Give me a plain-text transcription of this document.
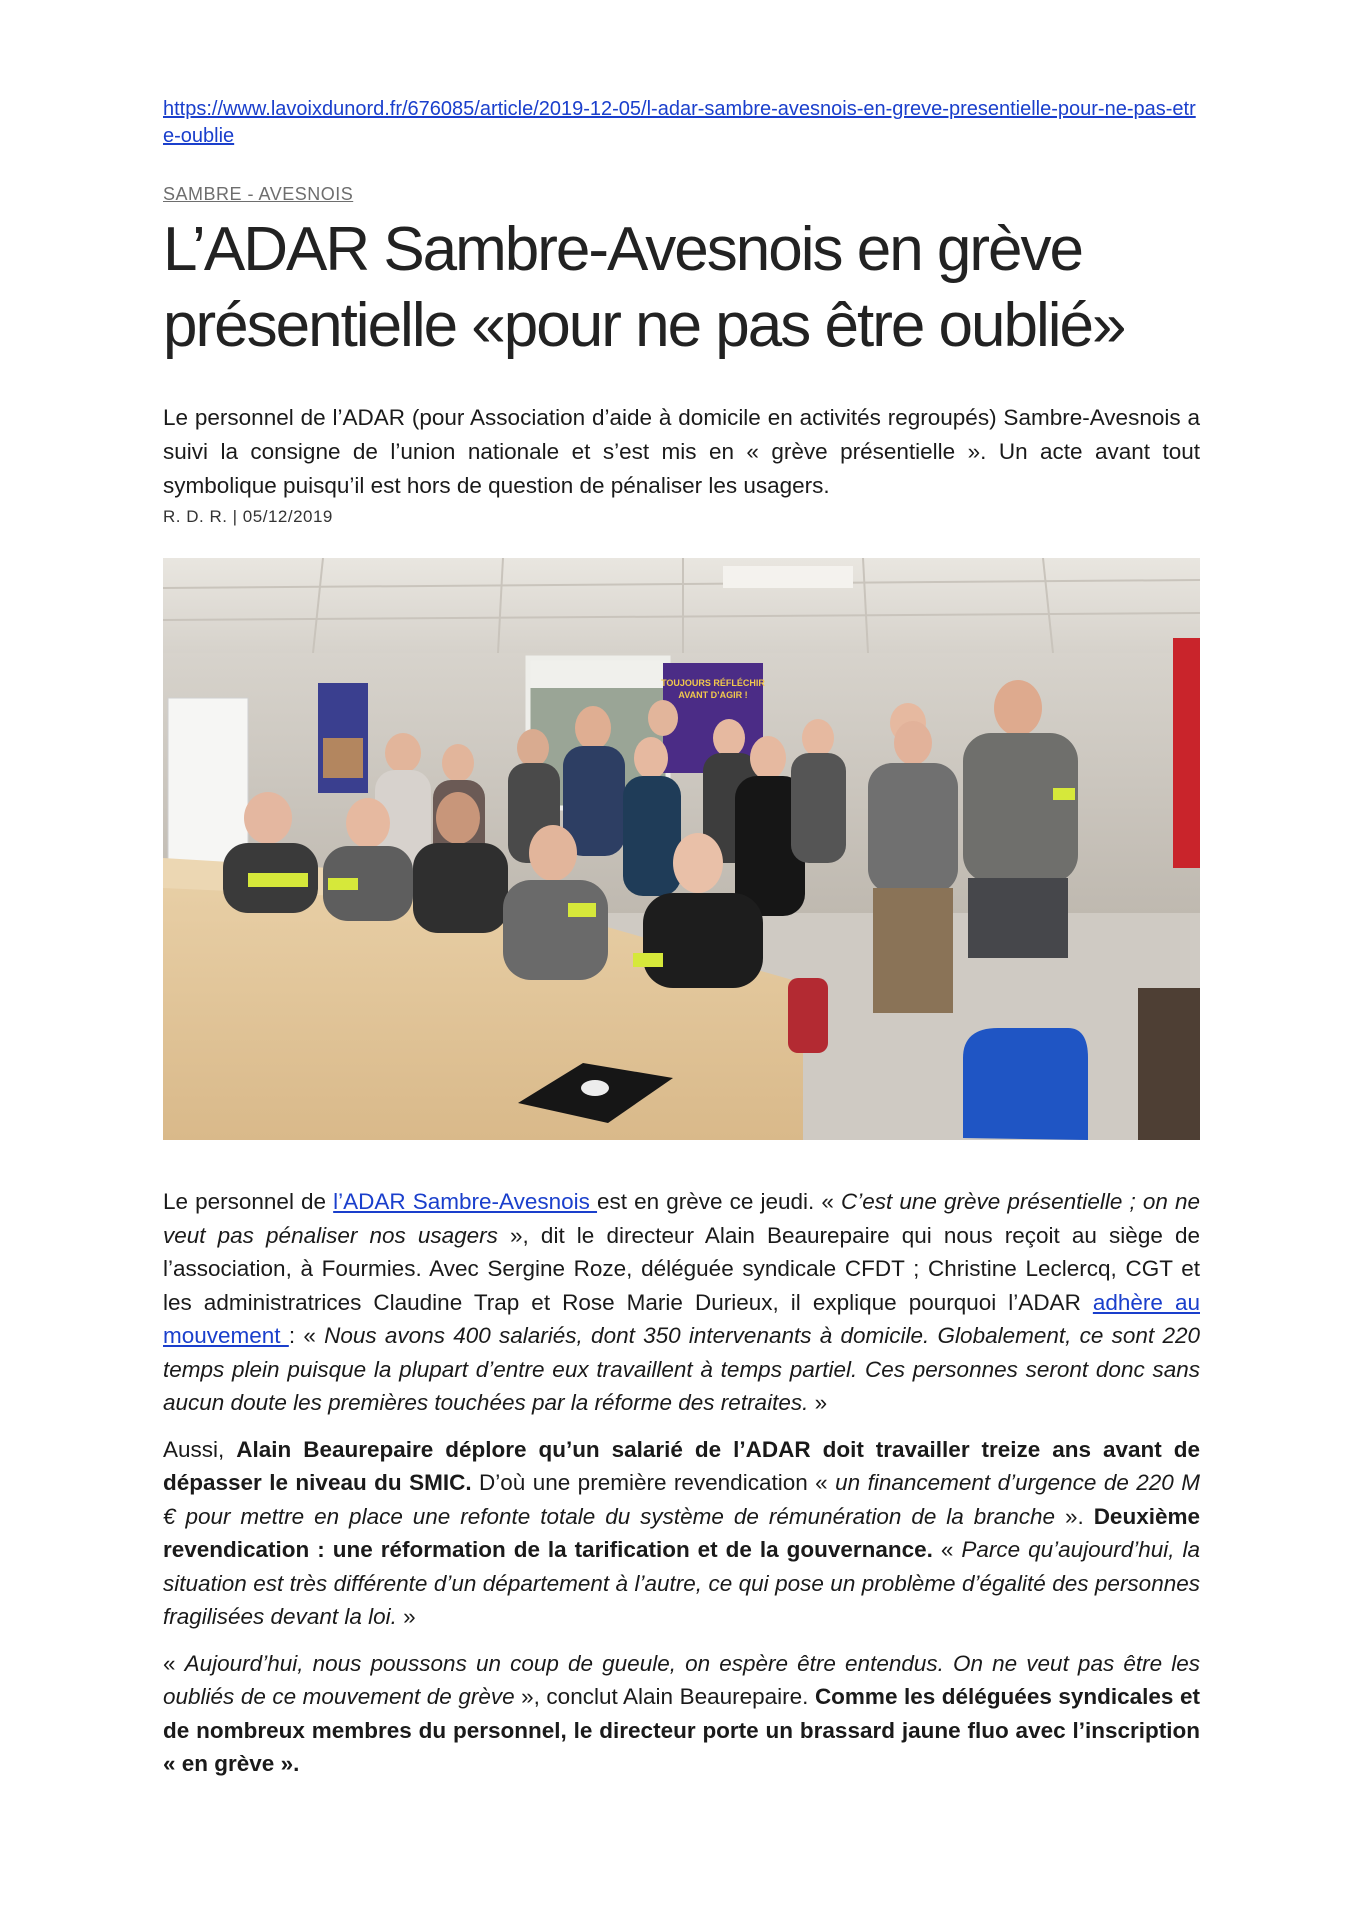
https://www.lavoixdunord.fr/676085/article/2019-12-05/l-adar-sambre-avesnois-en-greve-presentielle-pour-ne-pas-etre-oublie
SAMBRE - AVESNOIS
L’ADAR Sambre-Avesnois en grève présentielle «pour ne pas être oublié»

Le personnel de l’ADAR (pour Association d’aide à domicile en activités regroupés) Sambre-Avesnois a suivi la consigne de l’union nationale et s’est mis en « grève présentielle ». Un acte avant tout symbolique puisqu’il est hors de question de pénaliser les usagers.

R. D. R. | 05/12/2019
TOUJOURS RÉFLÉCHIR
AVANT D’AGIR !

Le personnel de l’ADAR Sambre-Avesnois est en grève ce jeudi. « C’est une grève présentielle ; on ne veut pas pénaliser nos usagers », dit le directeur Alain Beaurepaire qui nous reçoit au siège de l’association, à Fourmies. Avec Sergine Roze, déléguée syndicale CFDT ; Christine Leclercq, CGT et les administratrices Claudine Trap et Rose Marie Durieux, il explique pourquoi l’ADAR adhère au mouvement : « Nous avons 400 salariés, dont 350 intervenants à domicile. Globalement, ce sont 220 temps plein puisque la plupart d’entre eux travaillent à temps partiel. Ces personnes seront donc sans aucun doute les premières touchées par la réforme des retraites. »

Aussi, Alain Beaurepaire déplore qu’un salarié de l’ADAR doit travailler treize ans avant de dépasser le niveau du SMIC. D’où une première revendication « un financement d’urgence de 220 M € pour mettre en place une refonte totale du système de rémunération de la branche ». Deuxième revendication : une réformation de la tarification et de la gouvernance. « Parce qu’aujourd’hui, la situation est très différente d’un département à l’autre, ce qui pose un problème d’égalité des personnes fragilisées devant la loi. »

« Aujourd’hui, nous poussons un coup de gueule, on espère être entendus. On ne veut pas être les oubliés de ce mouvement de grève », conclut Alain Beaurepaire. Comme les déléguées syndicales et de nombreux membres du personnel, le directeur porte un brassard jaune fluo avec l’inscription « en grève ».
